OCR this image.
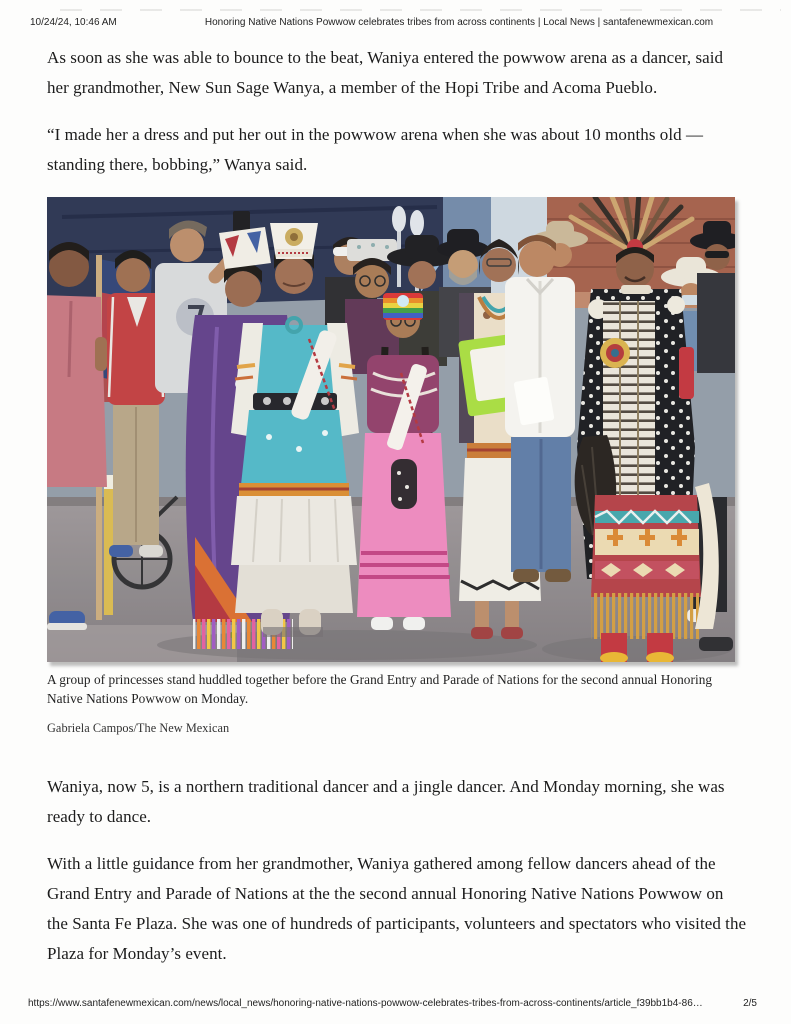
10/24/24, 10:46 AM	Honoring Native Nations Powwow celebrates tribes from across continents | Local News | santafenewmexican.com

As soon as she was able to bounce to the beat, Waniya entered the powwow arena as a dancer, said her grandmother, New Sun Sage Wanya, a member of the Hopi Tribe and Acoma Pueblo.

“I made her a dress and put her out in the powwow arena when she was about 10 months old — standing there, bobbing,” Wanya said.

A group of princesses stand huddled together before the Grand Entry and Parade of Nations for the second annual Honoring Native Nations Powwow on Monday.
Gabriela Campos/The New Mexican

Waniya, now 5, is a northern traditional dancer and a jingle dancer. And Monday morning, she was ready to dance.

With a little guidance from her grandmother, Waniya gathered among fellow dancers ahead of the Grand Entry and Parade of Nations at the the second annual Honoring Native Nations Powwow on the Santa Fe Plaza. She was one of hundreds of participants, volunteers and spectators who visited the Plaza for Monday’s event.

https://www.santafenewmexican.com/news/local_news/honoring-native-nations-powwow-celebrates-tribes-from-across-continents/article_f39bb1b4-86…	2/5
